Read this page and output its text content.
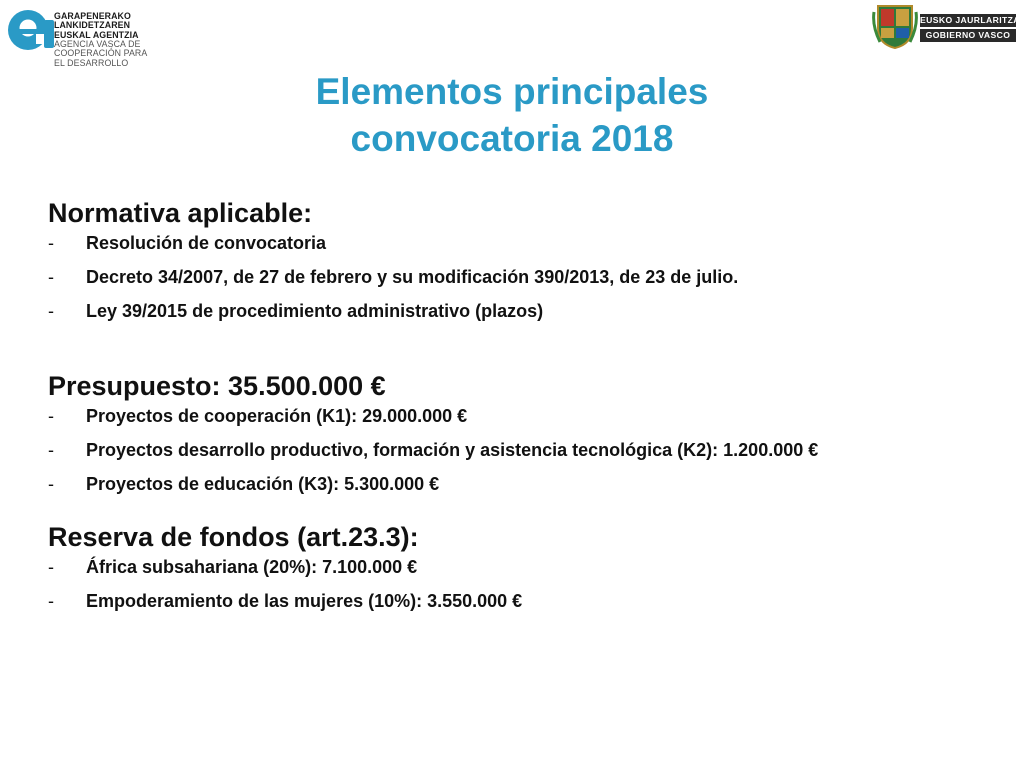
GARAPENERAKO
LANKIDETZAREN
EUSKAL AGENTZIA
AGENCIA VASCA DE
COOPERACIÓN PARA
EL DESARROLLO
EUSKO JAURLARITZA
GOBIERNO VASCO
Elementos principales
convocatoria 2018
Normativa aplicable:
- Resolución de convocatoria
- Decreto 34/2007, de 27 de febrero y su modificación 390/2013, de 23 de julio.
- Ley 39/2015 de procedimiento administrativo (plazos)
Presupuesto: 35.500.000 €
- Proyectos de cooperación (K1): 29.000.000 €
- Proyectos desarrollo productivo, formación y asistencia tecnológica (K2): 1.200.000 €
- Proyectos de educación (K3): 5.300.000 €
Reserva de fondos (art.23.3):
- África subsahariana (20%): 7.100.000 €
- Empoderamiento de las mujeres (10%): 3.550.000 €
